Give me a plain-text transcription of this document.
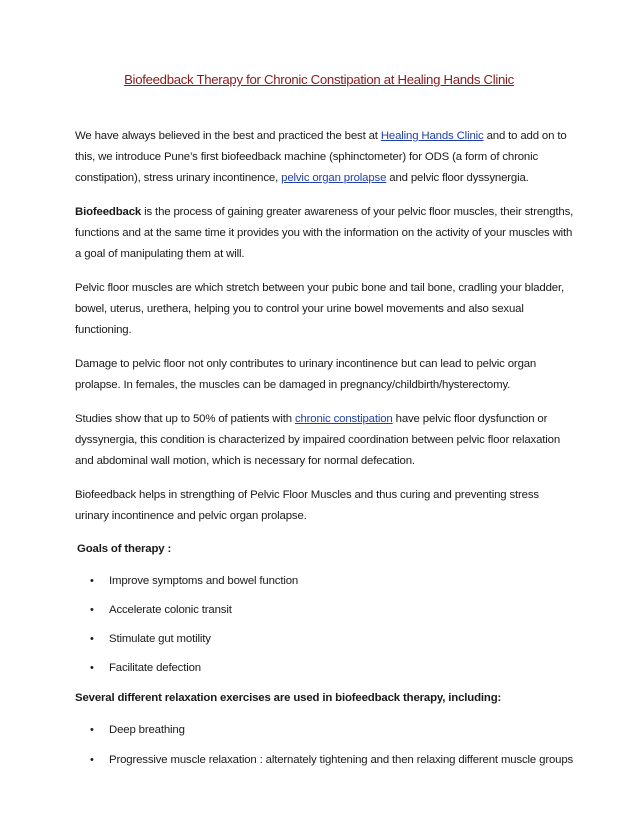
Biofeedback Therapy for Chronic Constipation at Healing Hands Clinic

We have always believed in the best and practiced the best at Healing Hands Clinic and to add on to this, we introduce Pune’s first biofeedback machine (sphinctometer) for ODS (a form of chronic constipation), stress urinary incontinence, pelvic organ prolapse and pelvic floor dyssynergia.

Biofeedback is the process of gaining greater awareness of your pelvic floor muscles, their strengths, functions and at the same time it provides you with the information on the activity of your muscles with a goal of manipulating them at will.

Pelvic floor muscles are which stretch between your pubic bone and tail bone, cradling your bladder, bowel, uterus, urethera, helping you to control your urine bowel movements and also sexual functioning.

Damage to pelvic floor not only contributes to urinary incontinence but can lead to pelvic organ prolapse. In females, the muscles can be damaged in pregnancy/childbirth/hysterectomy.

Studies show that up to 50% of patients with chronic constipation have pelvic floor dysfunction or dyssynergia, this condition is characterized by impaired coordination between pelvic floor relaxation and abdominal wall motion, which is necessary for normal defecation.

Biofeedback helps in strengthing of Pelvic Floor Muscles and thus curing and preventing stress urinary incontinence and pelvic organ prolapse.

Goals of therapy :

• Improve symptoms and bowel function
• Accelerate colonic transit
• Stimulate gut motility
• Facilitate defection

Several different relaxation exercises are used in biofeedback therapy, including:

• Deep breathing
• Progressive muscle relaxation : alternately tightening and then relaxing different muscle groups
